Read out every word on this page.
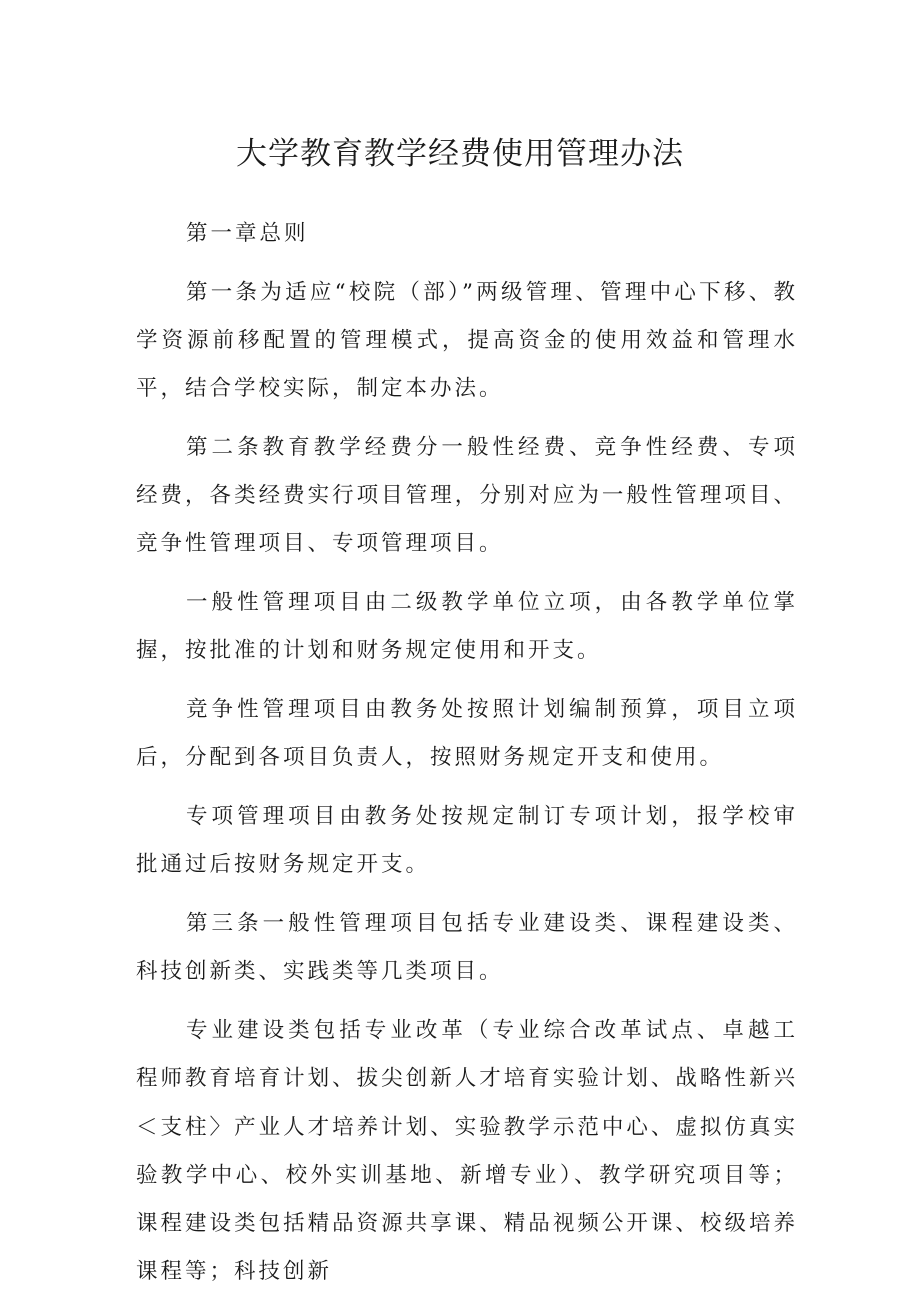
大学教育教学经费使用管理办法

第一章总则

第一条为适应“校院（部）”两级管理、管理中心下移、教学资源前移配置的管理模式，提高资金的使用效益和管理水平，结合学校实际，制定本办法。

第二条教育教学经费分一般性经费、竞争性经费、专项经费，各类经费实行项目管理，分别对应为一般性管理项目、竞争性管理项目、专项管理项目。

一般性管理项目由二级教学单位立项，由各教学单位掌握，按批准的计划和财务规定使用和开支。

竞争性管理项目由教务处按照计划编制预算，项目立项后，分配到各项目负责人，按照财务规定开支和使用。

专项管理项目由教务处按规定制订专项计划，报学校审批通过后按财务规定开支。

第三条一般性管理项目包括专业建设类、课程建设类、科技创新类、实践类等几类项目。

专业建设类包括专业改革（专业综合改革试点、卓越工程师教育培育计划、拔尖创新人才培育实验计划、战略性新兴＜支柱〉产业人才培养计划、实验教学示范中心、虚拟仿真实验教学中心、校外实训基地、新增专业）、教学研究项目等；课程建设类包括精品资源共享课、精品视频公开课、校级培养课程等；科技创新
